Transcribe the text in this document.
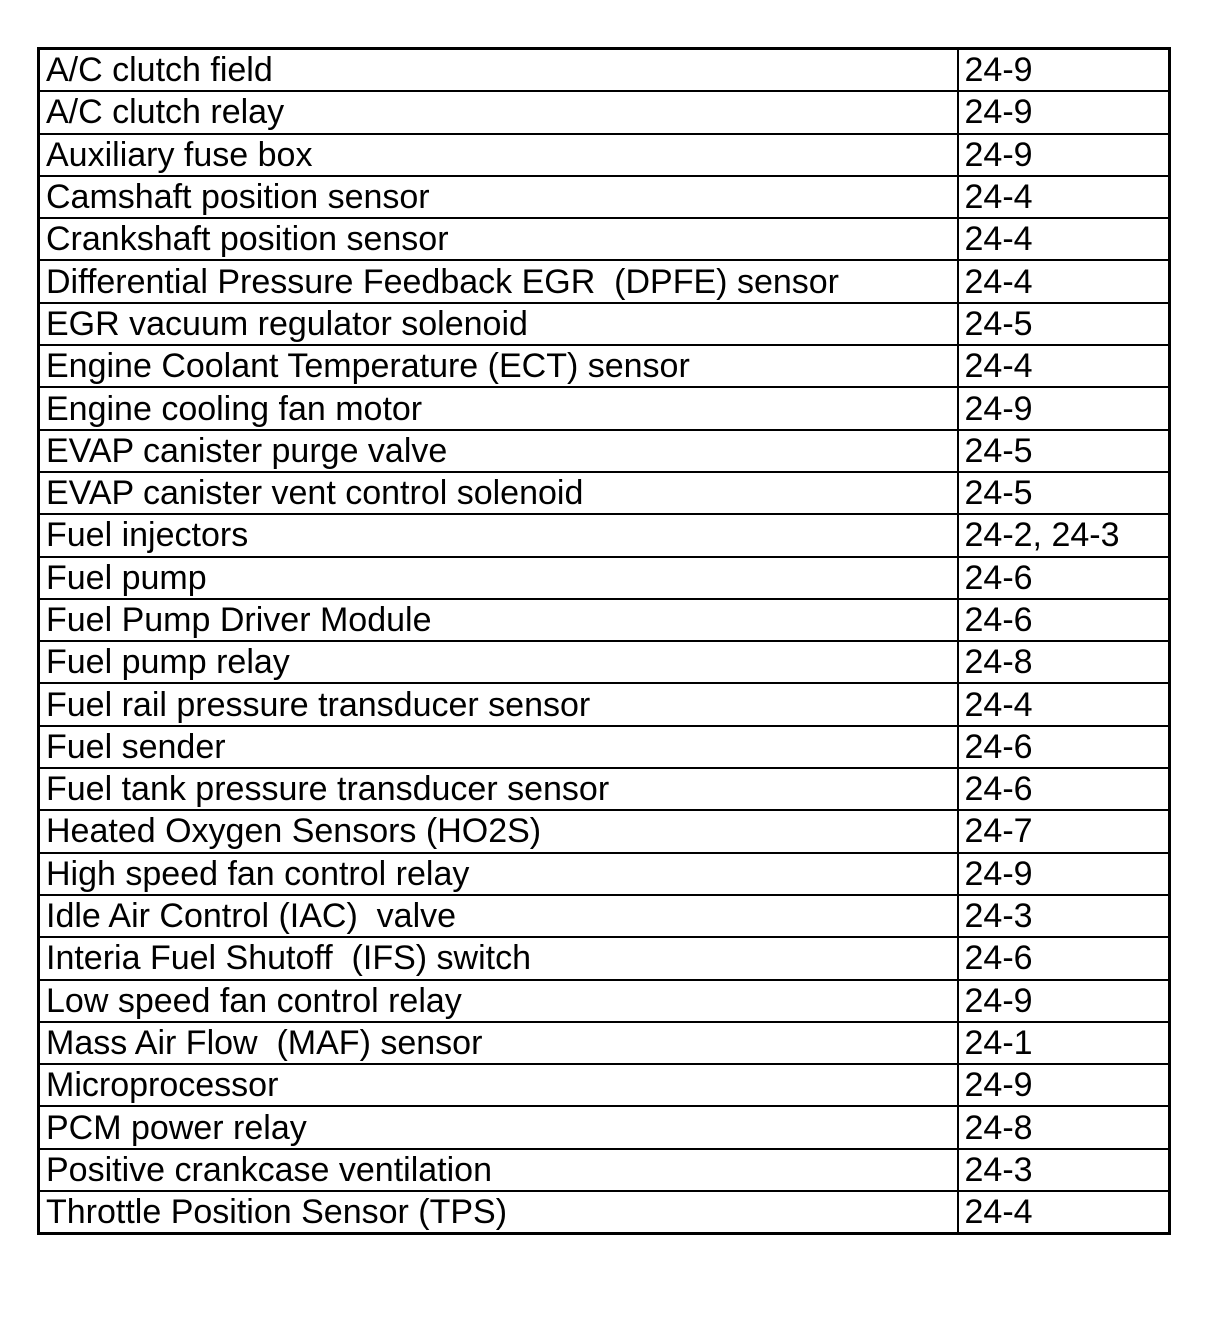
A/C clutch field	24-9
A/C clutch relay	24-9
Auxiliary fuse box	24-9
Camshaft position sensor	24-4
Crankshaft position sensor	24-4
Differential Pressure Feedback EGR  (DPFE) sensor	24-4
EGR vacuum regulator solenoid	24-5
Engine Coolant Temperature (ECT) sensor	24-4
Engine cooling fan motor	24-9
EVAP canister purge valve	24-5
EVAP canister vent control solenoid	24-5
Fuel injectors	24-2, 24-3
Fuel pump	24-6
Fuel Pump Driver Module	24-6
Fuel pump relay	24-8
Fuel rail pressure transducer sensor	24-4
Fuel sender	24-6
Fuel tank pressure transducer sensor	24-6
Heated Oxygen Sensors (HO2S)	24-7
High speed fan control relay	24-9
Idle Air Control (IAC)  valve	24-3
Interia Fuel Shutoff  (IFS) switch	24-6
Low speed fan control relay	24-9
Mass Air Flow  (MAF) sensor	24-1
Microprocessor	24-9
PCM power relay	24-8
Positive crankcase ventilation	24-3
Throttle Position Sensor (TPS)	24-4
